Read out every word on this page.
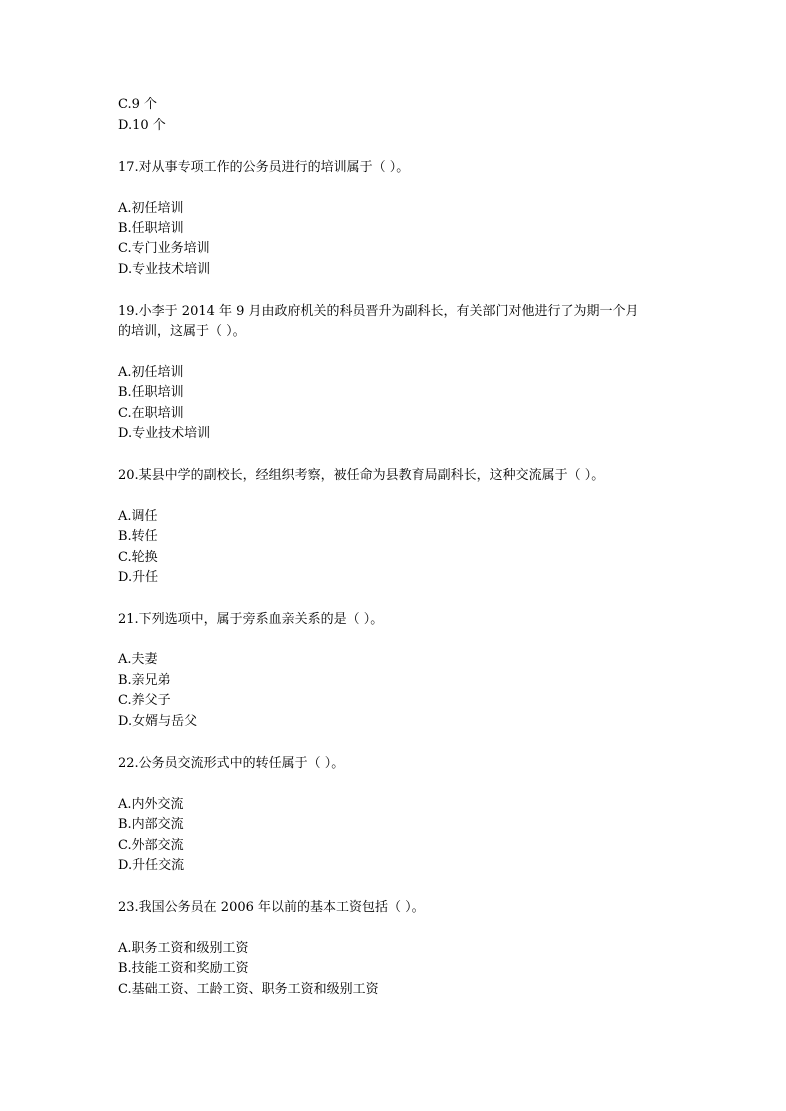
C.9 个
D.10 个
17.对从事专项工作的公务员进行的培训属于（ ）。
A.初任培训
B.任职培训
C.专门业务培训
D.专业技术培训
19.小李于 2014 年 9 月由政府机关的科员晋升为副科长，有关部门对他进行了为期一个月
的培训，这属于（ ）。
A.初任培训
B.任职培训
C.在职培训
D.专业技术培训
20.某县中学的副校长，经组织考察，被任命为县教育局副科长，这种交流属于（ ）。
A.调任
B.转任
C.轮换
D.升任
21.下列选项中，属于旁系血亲关系的是（ ）。
A.夫妻
B.亲兄弟
C.养父子
D.女婿与岳父
22.公务员交流形式中的转任属于（ ）。
A.内外交流
B.内部交流
C.外部交流
D.升任交流
23.我国公务员在 2006 年以前的基本工资包括（ ）。
A.职务工资和级别工资
B.技能工资和奖励工资
C.基础工资、工龄工资、职务工资和级别工资
